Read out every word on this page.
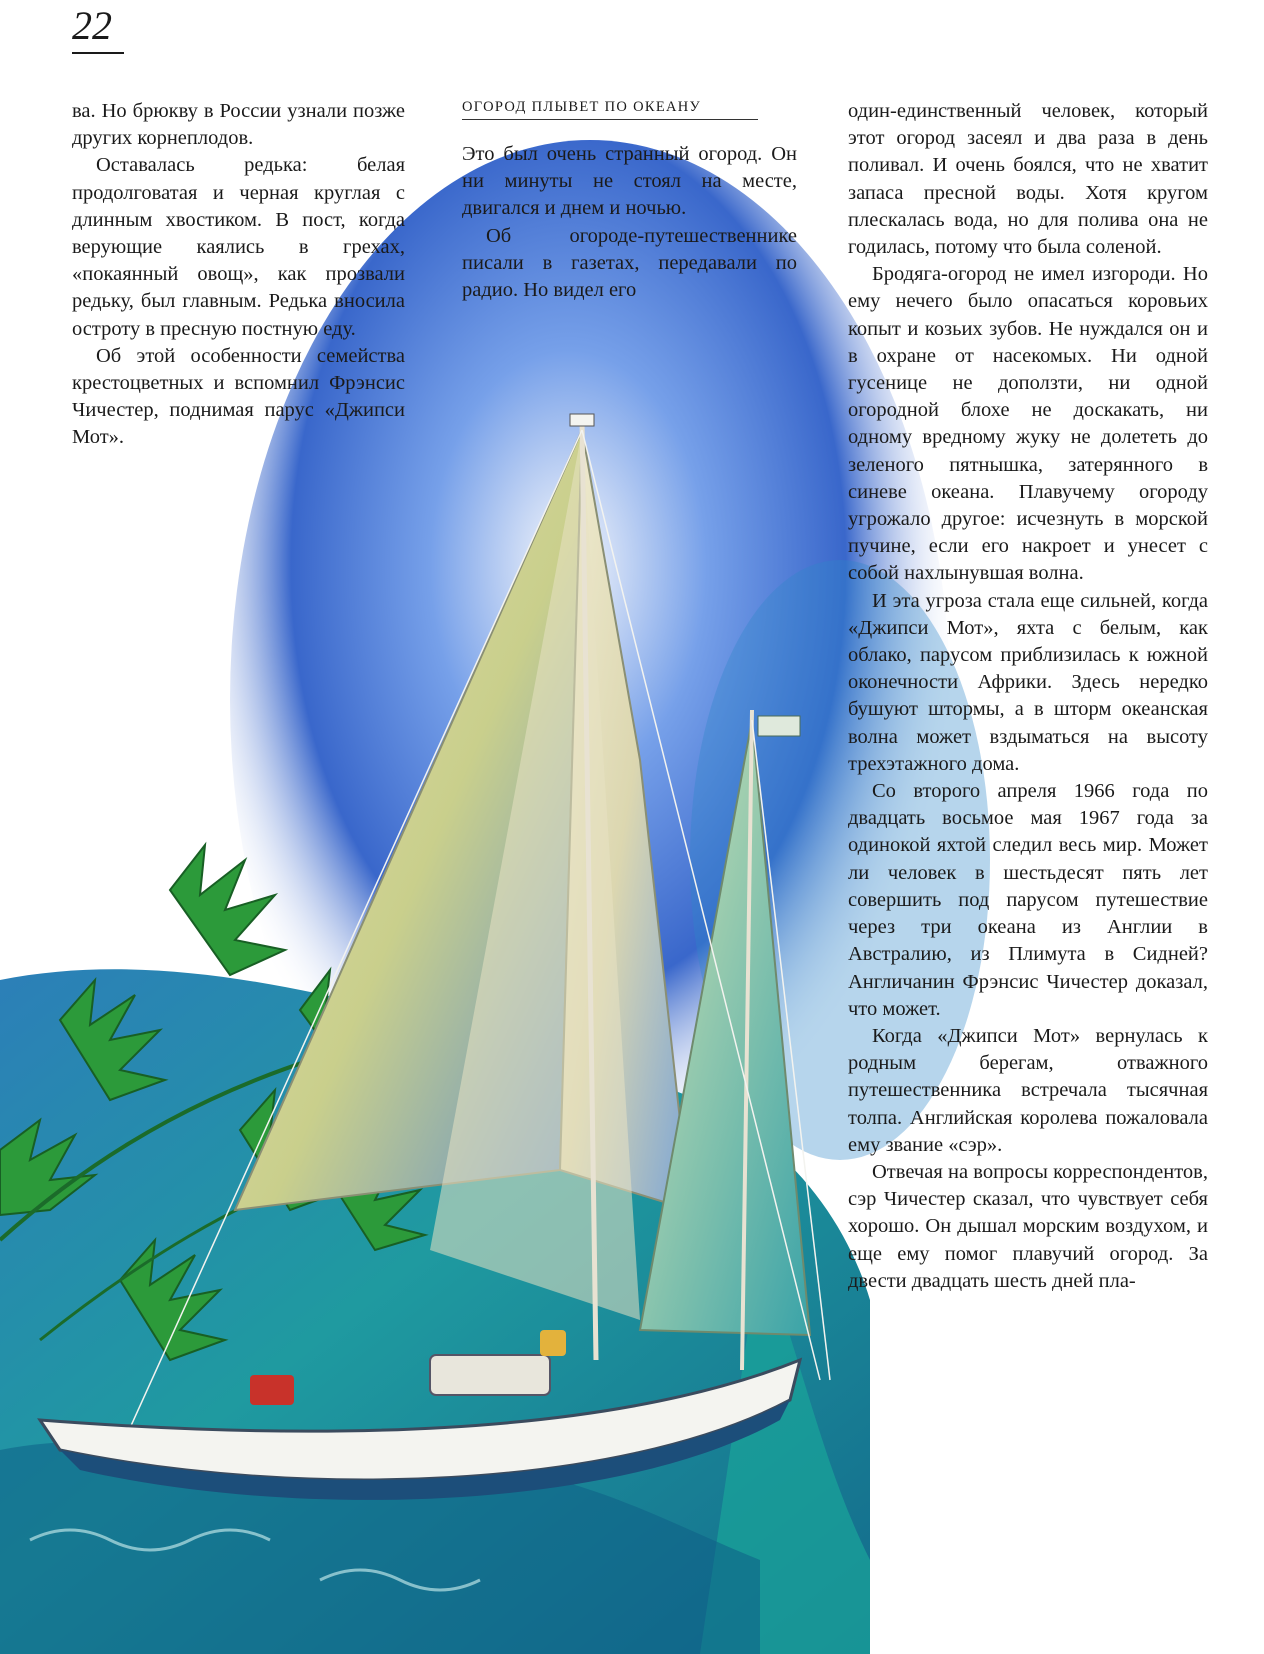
22

ва. Но брюкву в России узнали позже других корнеплодов.

Оставалась редька: белая продолговатая и черная круглая с длинным хвостиком. В пост, когда верующие каялись в грехах, «покаянный овощ», как прозвали редьку, был главным. Редька вносила остроту в пресную постную еду.

Об этой особенности семейства крестоцветных и вспомнил Фрэнсис Чичестер, поднимая парус «Джипси Мот».

ОГОРОД ПЛЫВЕТ ПО ОКЕАНУ

Это был очень странный огород. Он ни минуты не стоял на месте, двигался и днем и ночью.

Об огороде-путешественнике писали в газетах, передавали по радио. Но видел его

один-единственный человек, который этот огород засеял и два раза в день поливал. И очень боялся, что не хватит запаса пресной воды. Хотя кругом плескалась вода, но для полива она не годилась, потому что была соленой.

Бродяга-огород не имел изгороди. Но ему нечего было опасаться коровьих копыт и козьих зубов. Не нуждался он и в охране от насекомых. Ни одной гусенице не доползти, ни одной огородной блохе не доскакать, ни одному вредному жуку не долететь до зеленого пятнышка, затерянного в синеве океана. Плавучему огороду угрожало другое: исчезнуть в морской пучине, если его накроет и унесет с собой нахлынувшая волна.

И эта угроза стала еще сильней, когда «Джипси Мот», яхта с белым, как облако, парусом приблизилась к южной оконечности Африки. Здесь нередко бушуют штормы, а в шторм океанская волна может вздыматься на высоту трехэтажного дома.

Со второго апреля 1966 года по двадцать восьмое мая 1967 года за одинокой яхтой следил весь мир. Может ли человек в шестьдесят пять лет совершить под парусом путешествие через три океана из Англии в Австралию, из Плимута в Сидней? Англичанин Фрэнсис Чичестер доказал, что может.

Когда «Джипси Мот» вернулась к родным берегам, отважного путешественника встречала тысячная толпа. Английская королева пожаловала ему звание «сэр».

Отвечая на вопросы корреспондентов, сэр Чичестер сказал, что чувствует себя хорошо. Он дышал морским воздухом, и еще ему помог плавучий огород. За двести двадцать шесть дней пла-
